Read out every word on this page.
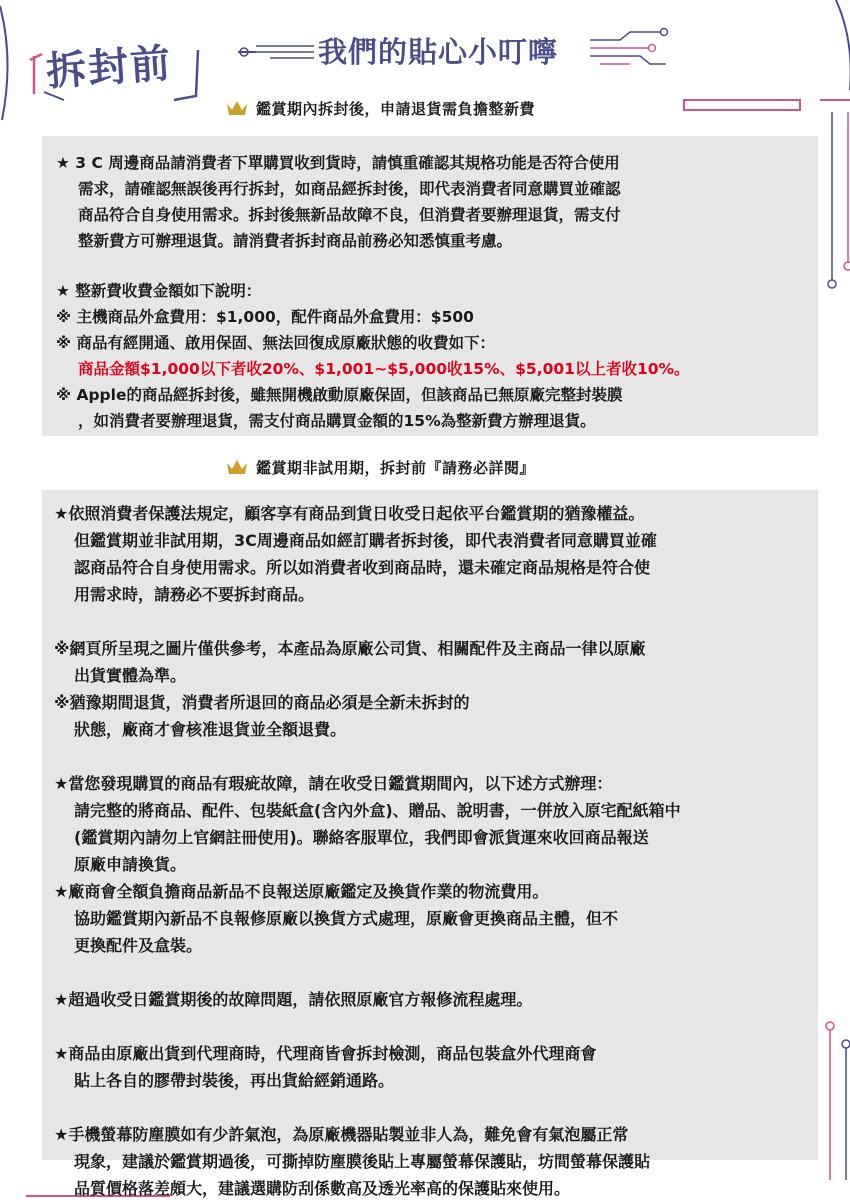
拆封前	我們的貼心小叮嚀
鑑賞期內拆封後，申請退貨需負擔整新費
★ 3 C 周邊商品請消費者下單購買收到貨時，請慎重確認其規格功能是否符合使用
需求，請確認無誤後再行拆封，如商品經拆封後，即代表消費者同意購買並確認
商品符合自身使用需求。拆封後無新品故障不良，但消費者要辦理退貨，需支付
整新費方可辦理退貨。請消費者拆封商品前務必知悉慎重考慮。
★ 整新費收費金額如下說明：
※ 主機商品外盒費用：$1,000，配件商品外盒費用：$500
※ 商品有經開通、啟用保固、無法回復成原廠狀態的收費如下：
商品金額$1,000以下者收20%、$1,001~$5,000收15%、$5,001以上者收10%。
※ Apple的商品經拆封後，雖無開機啟動原廠保固，但該商品已無原廠完整封裝膜
，如消費者要辦理退貨，需支付商品購買金額的15%為整新費方辦理退貨。
鑑賞期非試用期，拆封前『請務必詳閱』
★依照消費者保護法規定，顧客享有商品到貨日收受日起依平台鑑賞期的猶豫權益。
但鑑賞期並非試用期，3C周邊商品如經訂購者拆封後，即代表消費者同意購買並確
認商品符合自身使用需求。所以如消費者收到商品時，還未確定商品規格是符合使
用需求時，請務必不要拆封商品。
※網頁所呈現之圖片僅供參考，本產品為原廠公司貨、相關配件及主商品一律以原廠
出貨實體為準。
※猶豫期間退貨，消費者所退回的商品必須是全新未拆封的
狀態，廠商才會核准退貨並全額退費。
★當您發現購買的商品有瑕疵故障，請在收受日鑑賞期間內，以下述方式辦理：
請完整的將商品、配件、包裝紙盒(含內外盒)、贈品、說明書，一併放入原宅配紙箱中
(鑑賞期內請勿上官網註冊使用)。聯絡客服單位，我們即會派貨運來收回商品報送
原廠申請換貨。
★廠商會全額負擔商品新品不良報送原廠鑑定及換貨作業的物流費用。
協助鑑賞期內新品不良報修原廠以換貨方式處理，原廠會更換商品主體，但不
更換配件及盒裝。
★超過收受日鑑賞期後的故障問題，請依照原廠官方報修流程處理。
★商品由原廠出貨到代理商時，代理商皆會拆封檢測，商品包裝盒外代理商會
貼上各自的膠帶封裝後，再出貨給經銷通路。
★手機螢幕防塵膜如有少許氣泡，為原廠機器貼製並非人為，難免會有氣泡屬正常
現象，建議於鑑賞期過後，可撕掉防塵膜後貼上專屬螢幕保護貼，坊間螢幕保護貼
品質價格落差頗大，建議選購防刮係數高及透光率高的保護貼來使用。
